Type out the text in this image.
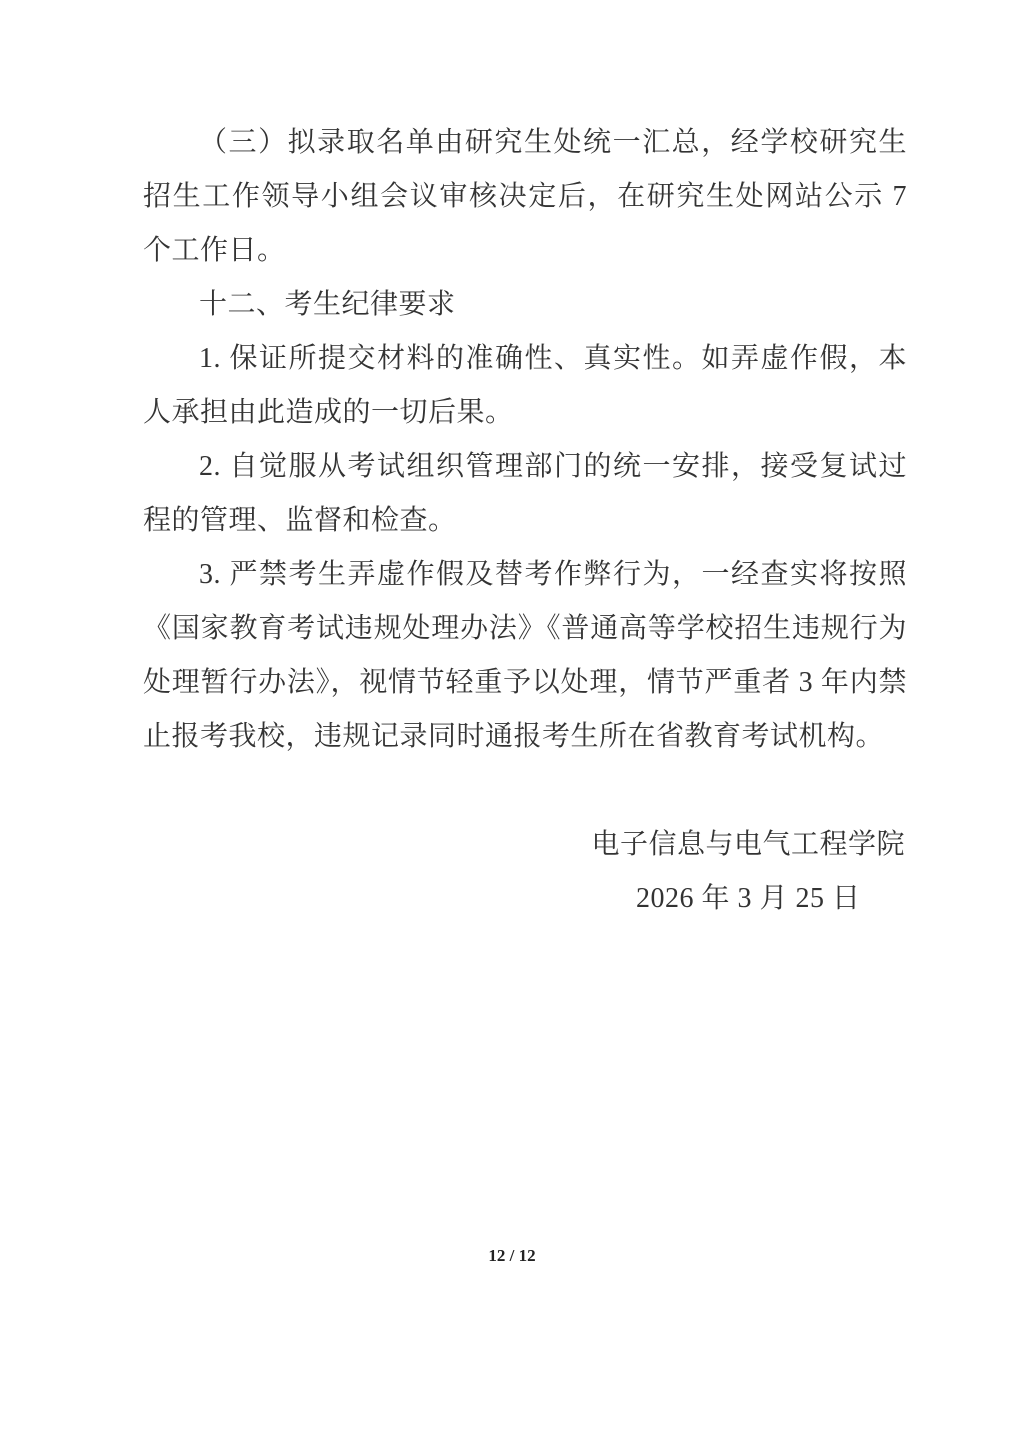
（三）拟录取名单由研究生处统一汇总，经学校研究生招生工作领导小组会议审核决定后，在研究生处网站公示 7 个工作日。

十二、考生纪律要求

1. 保证所提交材料的准确性、真实性。如弄虚作假，本人承担由此造成的一切后果。

2. 自觉服从考试组织管理部门的统一安排，接受复试过程的管理、监督和检查。

3. 严禁考生弄虚作假及替考作弊行为，一经查实将按照《国家教育考试违规处理办法》《普通高等学校招生违规行为处理暂行办法》，视情节轻重予以处理，情节严重者 3 年内禁止报考我校，违规记录同时通报考生所在省教育考试机构。

电子信息与电气工程学院
2026 年 3 月 25 日
12 / 12
